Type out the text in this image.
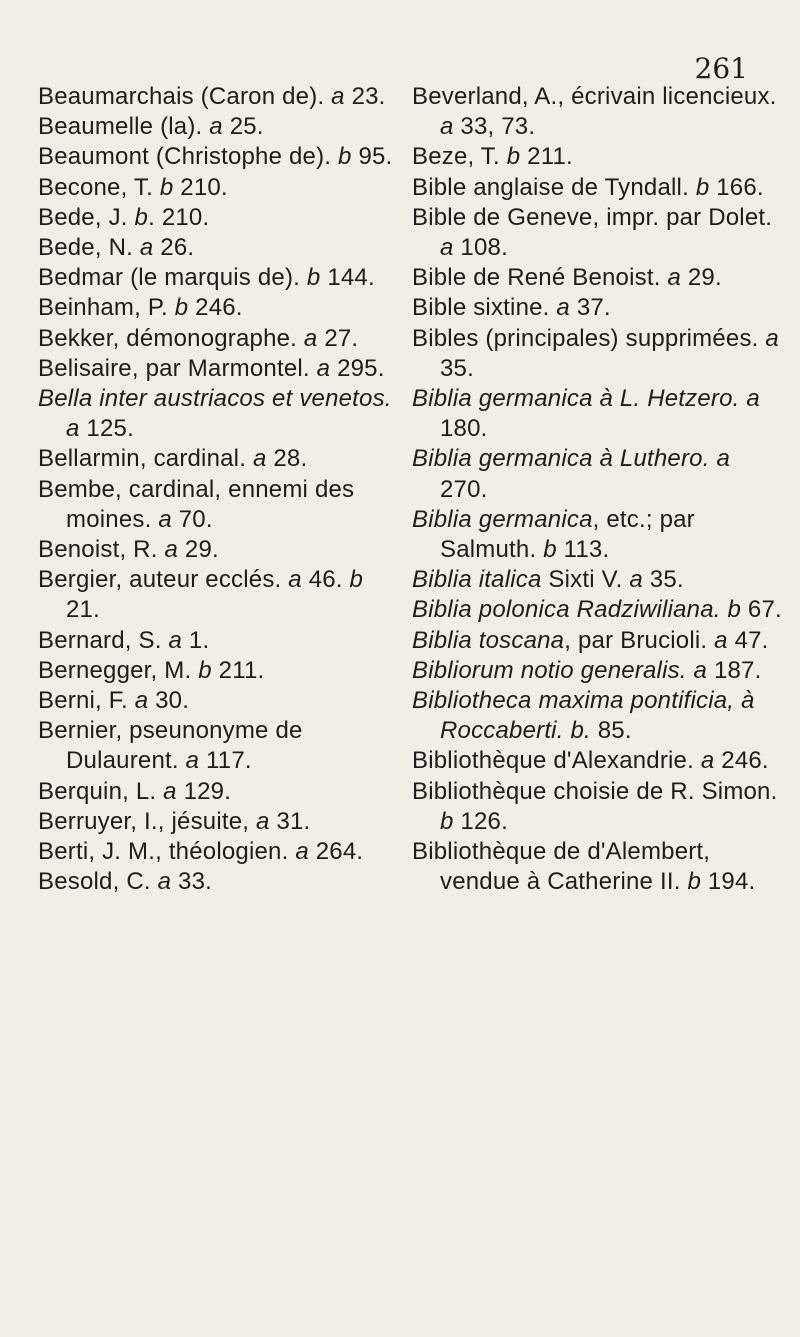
261
Beaumarchais (Caron de). a 23.
Beaumelle (la). a 25.
Beaumont (Christophe de). b 95.
Becone, T. b 210.
Bede, J. b. 210.
Bede, N. a 26.
Bedmar (le marquis de). b 144.
Beinham, P. b 246.
Bekker, démonographe. a 27.
Belisaire, par Marmontel. a 295.
Bella inter austriacos et venetos. a 125.
Bellarmin, cardinal. a 28.
Bembe, cardinal, ennemi des moines. a 70.
Benoist, R. a 29.
Bergier, auteur ecclés. a 46. b 21.
Bernard, S. a 1.
Bernegger, M. b 211.
Berni, F. a 30.
Bernier, pseunonyme de Dulaurent. a 117.
Berquin, L. a 129.
Berruyer, I., jésuite, a 31.
Berti, J. M., théologien. a 264.
Besold, C. a 33.
Beverland, A., écrivain licencieux. a 33, 73.
Beze, T. b 211.
Bible anglaise de Tyndall. b 166.
Bible de Geneve, impr. par Dolet. a 108.
Bible de René Benoist. a 29.
Bible sixtine. a 37.
Bibles (principales) supprimées. a 35.
Biblia germanica à L. Hetzero. a 180.
Biblia germanica à Luthero. a 270.
Biblia germanica, etc.; par Salmuth. b 113.
Biblia italica Sixti V. a 35.
Biblia polonica Radziwiliana. b 67.
Biblia toscana, par Brucioli. a 47.
Bibliorum notio generalis. a 187.
Bibliotheca maxima pontificia, à Roccaberti. b. 85.
Bibliothèque d'Alexandrie. a 246.
Bibliothèque choisie de R. Simon. b 126.
Bibliothèque de d'Alembert, vendue à Catherine II. b 194.
